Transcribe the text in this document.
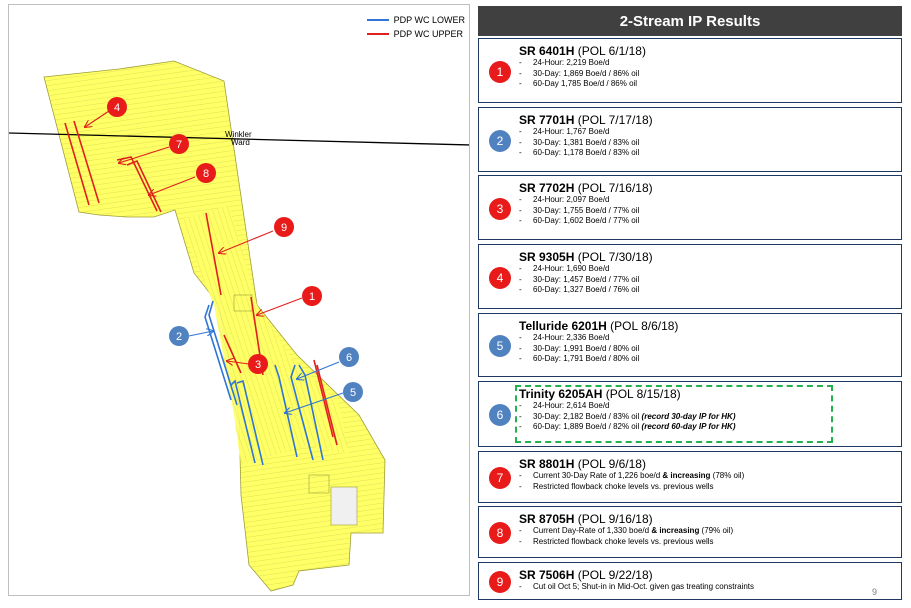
4
7
8
9
1
2
3
6
5
Winkler
Ward
PDP WC LOWER
PDP WC UPPER
2-Stream IP Results
1
SR 6401H (POL 6/1/18)
- 24-Hour: 2,219 Boe/d
- 30-Day: 1,869 Boe/d / 86% oil
- 60-Day 1,785 Boe/d / 86% oil
2
SR 7701H (POL 7/17/18)
- 24-Hour: 1,767 Boe/d
- 30-Day: 1,381 Boe/d / 83% oil
- 60-Day: 1,178 Boe/d / 83% oil
3
SR 7702H (POL 7/16/18)
- 24-Hour: 2,097 Boe/d
- 30-Day: 1,755 Boe/d / 77% oil
- 60-Day: 1,602 Boe/d / 77% oil
4
SR 9305H (POL 7/30/18)
- 24-Hour: 1,690 Boe/d
- 30-Day: 1,457 Boe/d / 77% oil
- 60-Day: 1,327 Boe/d / 76% oil
5
Telluride 6201H (POL 8/6/18)
- 24-Hour: 2,336 Boe/d
- 30-Day: 1,991 Boe/d / 80% oil
- 60-Day: 1,791 Boe/d / 80% oil
6
Trinity 6205AH (POL 8/15/18)
- 24-Hour: 2,614 Boe/d
- 30-Day: 2,182 Boe/d / 83% oil (record 30-day IP for HK)
- 60-Day: 1,889 Boe/d / 82% oil (record 60-day IP for HK)
7
SR 8801H (POL 9/6/18)
- Current 30-Day Rate of 1,226 boe/d & increasing (78% oil)
- Restricted flowback choke levels vs. previous wells
8
SR 8705H (POL 9/16/18)
- Current Day-Rate of 1,330 boe/d & increasing (79% oil)
- Restricted flowback choke levels vs. previous wells
9	SR 7506H (POL 9/22/18)
- Cut oil Oct 5; Shut-in in Mid-Oct. given gas treating constraints
9
